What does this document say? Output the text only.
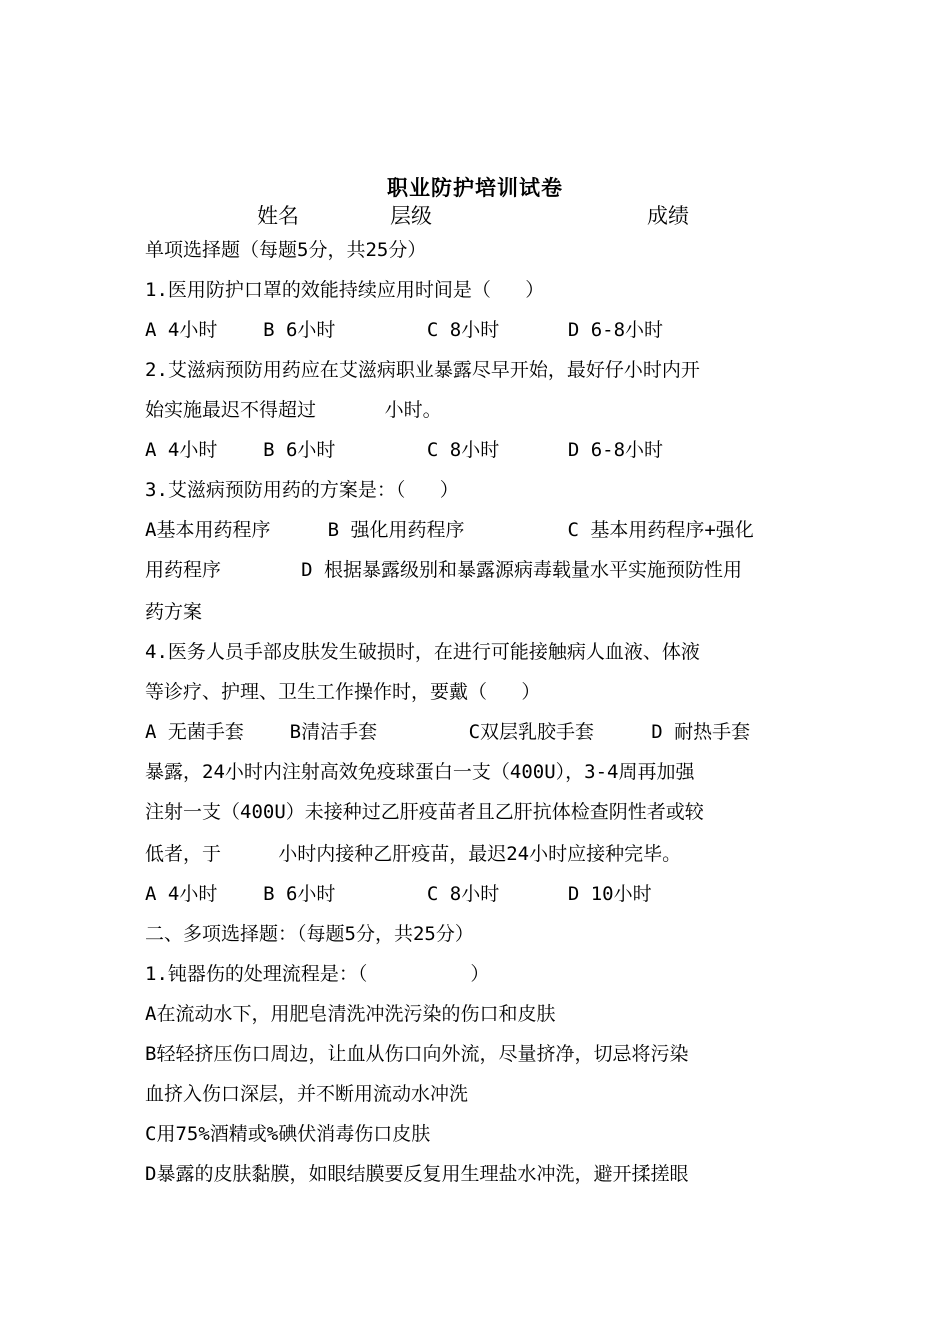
职业防护培训试卷
姓名	层级	成绩
单项选择题（每题5分，共25分）
1.医用防护口罩的效能持续应用时间是（   ）
A 4小时    B 6小时        C 8小时      D 6-8小时
2.艾滋病预防用药应在艾滋病职业暴露尽早开始，最好仔小时内开
始实施最迟不得超过      小时。
A 4小时    B 6小时        C 8小时      D 6-8小时
3.艾滋病预防用药的方案是：（   ）
A基本用药程序     B 强化用药程序         C 基本用药程序+强化
用药程序       D 根据暴露级别和暴露源病毒载量水平实施预防性用
药方案
4.医务人员手部皮肤发生破损时，在进行可能接触病人血液、体液
等诊疗、护理、卫生工作操作时，要戴（   ）
A 无菌手套    B清洁手套        C双层乳胶手套     D 耐热手套
暴露，24小时内注射高效免疫球蛋白一支（400U），3-4周再加强
注射一支（400U）未接种过乙肝疫苗者且乙肝抗体检查阴性者或较
低者，于     小时内接种乙肝疫苗，最迟24小时应接种完毕。
A 4小时    B 6小时        C 8小时      D 10小时
二、多项选择题：（每题5分，共25分）
1.钝器伤的处理流程是：（         ）
A在流动水下，用肥皂清洗冲洗污染的伤口和皮肤
B轻轻挤压伤口周边，让血从伤口向外流，尽量挤净，切忌将污染
血挤入伤口深层，并不断用流动水冲洗
C用75%酒精或%碘伏消毒伤口皮肤
D暴露的皮肤黏膜，如眼结膜要反复用生理盐水冲洗，避开揉搓眼
